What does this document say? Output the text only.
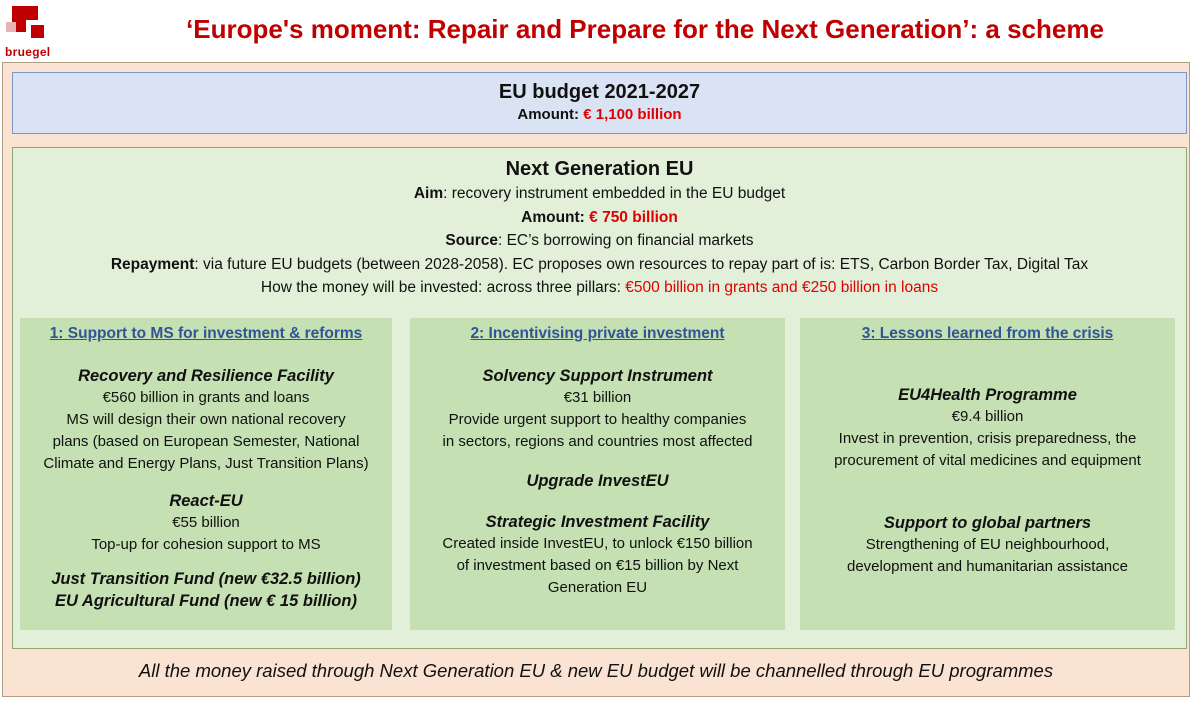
bruegel
‘Europe's moment: Repair and Prepare for the Next Generation’: a scheme
EU budget 2021-2027
Amount: € 1,100 billion
Next Generation EU
Aim: recovery instrument embedded in the EU budget
Amount: € 750 billion
Source: EC’s borrowing on financial markets
Repayment: via future EU budgets (between 2028-2058). EC proposes own resources to repay part of is: ETS, Carbon Border Tax, Digital Tax
How the money will be invested: across three pillars: €500 billion in grants and €250 billion in loans
1: Support to MS for investment & reforms
Recovery and Resilience Facility
€560 billion in grants and loans
MS will design their own national recovery
plans (based on European Semester, National
Climate and Energy Plans, Just Transition Plans)
React-EU
€55 billion
Top-up for cohesion support to MS
Just Transition Fund (new €32.5 billion)
EU Agricultural Fund (new € 15 billion)
2: Incentivising private investment
Solvency Support Instrument
€31 billion
Provide urgent support to healthy companies
in sectors, regions and countries most affected
Upgrade InvestEU
Strategic Investment Facility
Created inside InvestEU, to unlock €150 billion
of investment based on €15 billion by Next
Generation EU
3: Lessons learned from the crisis
EU4Health Programme
€9.4 billion
Invest in prevention, crisis preparedness, the
procurement of vital medicines and equipment
Support to global partners
Strengthening of EU neighbourhood,
development and humanitarian assistance
All the money raised through Next Generation EU & new EU budget will be channelled through EU programmes
